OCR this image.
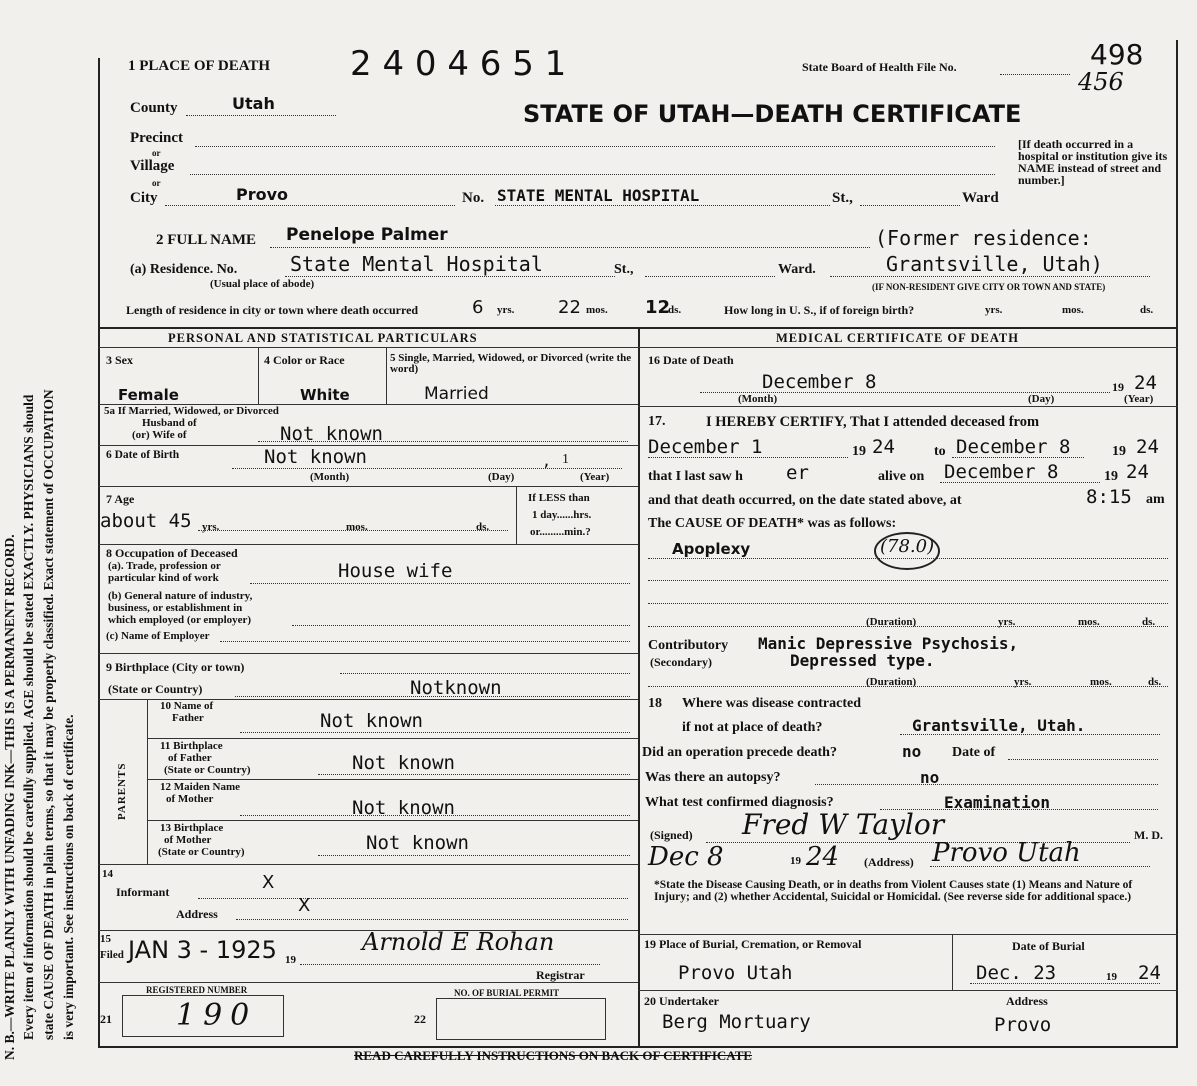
N. B.—WRITE PLAINLY WITH UNFADING INK—THIS IS A PERMANENT RECORD. Every item of information should be carefully supplied. AGE should be stated EXACTLY. PHYSICIANS should state CAUSE OF DEATH in plain terms, so that it may be properly classified. Exact statement of OCCUPATION is very important. See instructions on back of certificate.
1 PLACE OF DEATH 2 4 0 4 6 5 1	State Board of Health File No.	498
456
County	Utah	STATE OF UTAH—DEATH CERTIFICATE
Precinct
or
Village
or
City	Provo	No. STATE MENTAL HOSPITAL	St.,	Ward
[If death occurred in a hospital or institution give its NAME instead of street and number.]
2 FULL NAME Penelope Palmer	(Former residence:
(a) Residence. No.	State Mental Hospital	St.,	Ward.	Grantsville, Utah)
(Usual place of abode)	(IF NON-RESIDENT GIVE CITY OR TOWN AND STATE)
Length of residence in city or town where death occurred	6 yrs. 22 mos. 12
ds.	How long in U. S., if of foreign birth?	yrs.	mos.	ds.
PERSONAL AND STATISTICAL PARTICULARS
3 Sex	4 Color or Race	5 Single, Married, Widowed, or Divorced (write the word)
Female	White	Married
5a If Married, Widowed, or Divorced
Husband of
(or) Wife of	Not known
6 Date of Birth	Not known	, 1
(Month)	(Day)	(Year)
7 Age
about 45 yrs.	mos.	ds.
If LESS than
1 day......hrs.
or.........min.?
8 Occupation of Deceased
(a). Trade, profession or
particular kind of work	House wife
(b) General nature of industry,
business, or establishment in
which employed (or employer)
(c) Name of Employer
9 Birthplace (City or town)
(State or Country)	Notknown
PARENTS
10 Name of
Father	Not known
11 Birthplace
of Father
(State or Country)	Not known
12 Maiden Name
of Mother	Not known
13 Birthplace
of Mother
(State or Country)	Not known
14
Informant	X
Address	X
15
Filed JAN 3 - 1925 19
Arnold E Rohan
Registrar
REGISTERED NUMBER	NO. OF BURIAL PERMIT
21 190	22
MEDICAL CERTIFICATE OF DEATH
16 Date of Death
December 8	19 24
(Month)	(Day)	(Year)
17.	I HEREBY CERTIFY, That I attended deceased from
December 1	19 24	to December 8	19 24
that I last saw h er	alive on December 8	19 24
and that death occurred, on the date stated above, at	8:15 am
The CAUSE OF DEATH* was as follows:
Apoplexy	(78.0)
(Duration)	yrs.	mos.	ds.
Contributory
(Secondary)
Manic Depressive Psychosis,
Depressed type.
(Duration)	yrs.	mos.	ds.
18 Where was disease contracted
if not at place of death?	Grantsville, Utah.
Did an operation precede death?	no Date of
Was there an autopsy?	no
What test confirmed diagnosis?	Examination
(Signed) Fred W Taylor	M. D.
Dec 8	19 24 (Address) Provo Utah
*State the Disease Causing Death, or in deaths from Violent Causes state (1) Means and Nature of Injury; and (2) whether Accidental, Suicidal or Homicidal. (See reverse side for additional space.)
19 Place of Burial, Cremation, or Removal
Provo Utah
Date of Burial
Dec. 23	19 24
20 Undertaker
Berg Mortuary
Address
Provo
READ CAREFULLY INSTRUCTIONS ON BACK OF CERTIFICATE
